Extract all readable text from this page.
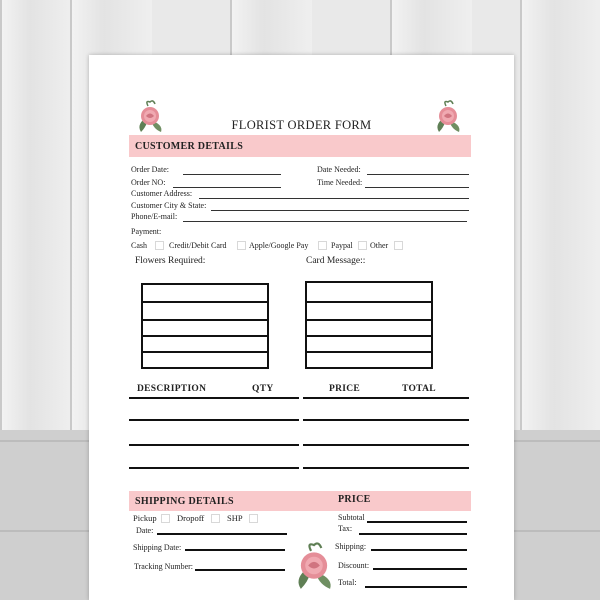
FLORIST ORDER FORM
CUSTOMER DETAILS
Order Date:
Order NO:
Date Needed:
Time Needed:
Customer Address:
Customer City & State:
Phone/E-mail:
Payment:
Cash	Credit/Debit Card	Apple/Google Pay	Paypal Other
Flowers Required:	Card Message::
DESCRIPTION	QTY	PRICE	TOTAL
SHIPPING DETAILS	PRICE
Pickup Dropoff	SHP
Date:
Shipping Date:
Tracking Number:
Subtotal
Tax:
Shipping:
Discount:
Total:
